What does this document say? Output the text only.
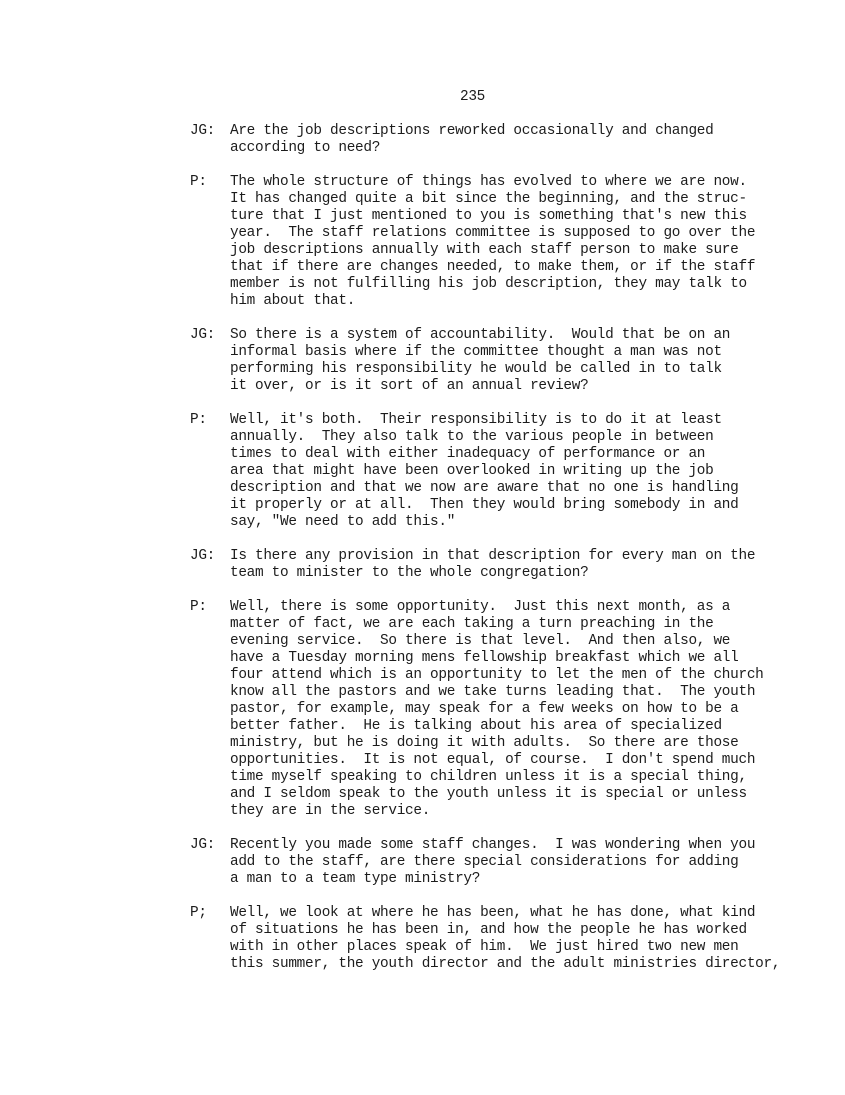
235
JG:	Are the job descriptions reworked occasionally and changed
according to need?
P:	The whole structure of things has evolved to where we are now.
It has changed quite a bit since the beginning, and the struc-
ture that I just mentioned to you is something that's new this
year.  The staff relations committee is supposed to go over the
job descriptions annually with each staff person to make sure
that if there are changes needed, to make them, or if the staff
member is not fulfilling his job description, they may talk to
him about that.
JG:	So there is a system of accountability.  Would that be on an
informal basis where if the committee thought a man was not
performing his responsibility he would be called in to talk
it over, or is it sort of an annual review?
P:	Well, it's both.  Their responsibility is to do it at least
annually.  They also talk to the various people in between
times to deal with either inadequacy of performance or an
area that might have been overlooked in writing up the job
description and that we now are aware that no one is handling
it properly or at all.  Then they would bring somebody in and
say, "We need to add this."
JG:	Is there any provision in that description for every man on the
team to minister to the whole congregation?
P:	Well, there is some opportunity.  Just this next month, as a
matter of fact, we are each taking a turn preaching in the
evening service.  So there is that level.  And then also, we
have a Tuesday morning mens fellowship breakfast which we all
four attend which is an opportunity to let the men of the church
know all the pastors and we take turns leading that.  The youth
pastor, for example, may speak for a few weeks on how to be a
better father.  He is talking about his area of specialized
ministry, but he is doing it with adults.  So there are those
opportunities.  It is not equal, of course.  I don't spend much
time myself speaking to children unless it is a special thing,
and I seldom speak to the youth unless it is special or unless
they are in the service.
JG:	Recently you made some staff changes.  I was wondering when you
add to the staff, are there special considerations for adding
a man to a team type ministry?
P;	Well, we look at where he has been, what he has done, what kind
of situations he has been in, and how the people he has worked
with in other places speak of him.  We just hired two new men
this summer, the youth director and the adult ministries director,
